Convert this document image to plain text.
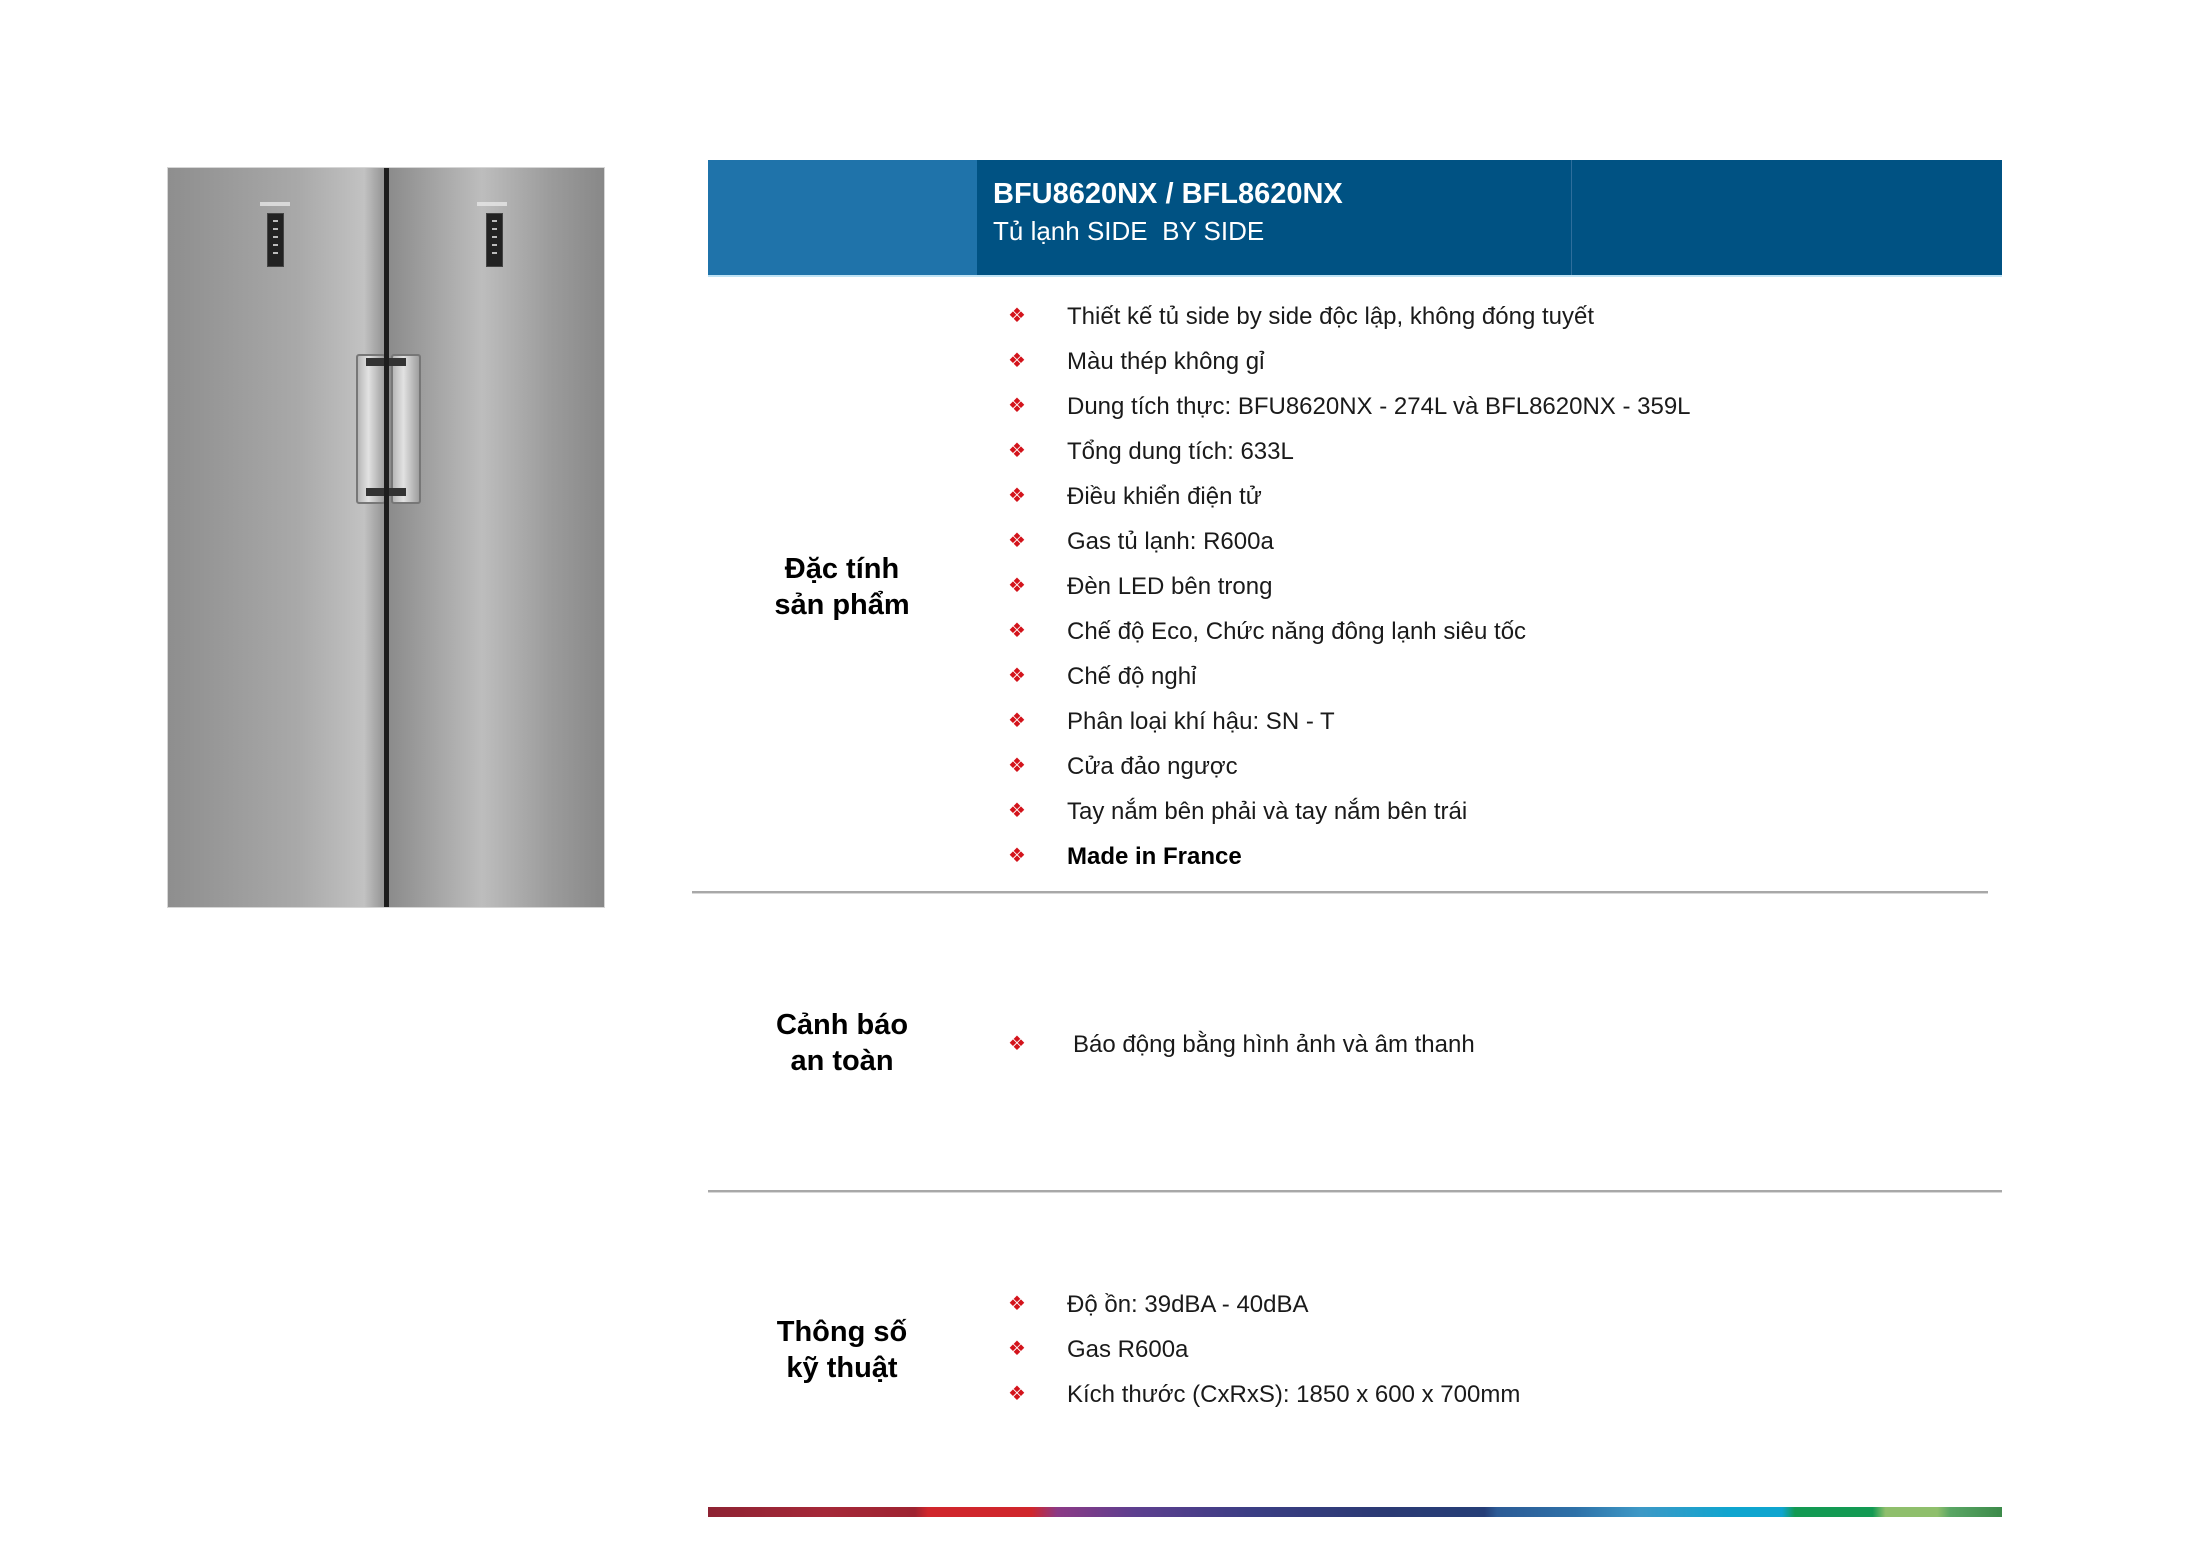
BFU8620NX / BFL8620NX
Tủ lạnh SIDE  BY SIDE
Đặc tính
sản phẩm
❖ Thiết kế tủ side by side độc lập, không đóng tuyết
❖ Màu thép không gỉ
❖ Dung tích thực: BFU8620NX - 274L và BFL8620NX - 359L
❖ Tổng dung tích: 633L
❖ Điều khiển điện tử
❖ Gas tủ lạnh: R600a
❖ Đèn LED bên trong
❖ Chế độ Eco, Chức năng đông lạnh siêu tốc
❖ Chế độ nghỉ
❖ Phân loại khí hậu: SN - T
❖ Cửa đảo ngược
❖ Tay nắm bên phải và tay nắm bên trái
❖ Made in France
Cảnh báo
an toàn
❖ Báo động bằng hình ảnh và âm thanh
Thông số
kỹ thuật
❖ Độ ồn: 39dBA - 40dBA
❖ Gas R600a
❖ Kích thước (CxRxS): 1850 x 600 x 700mm
